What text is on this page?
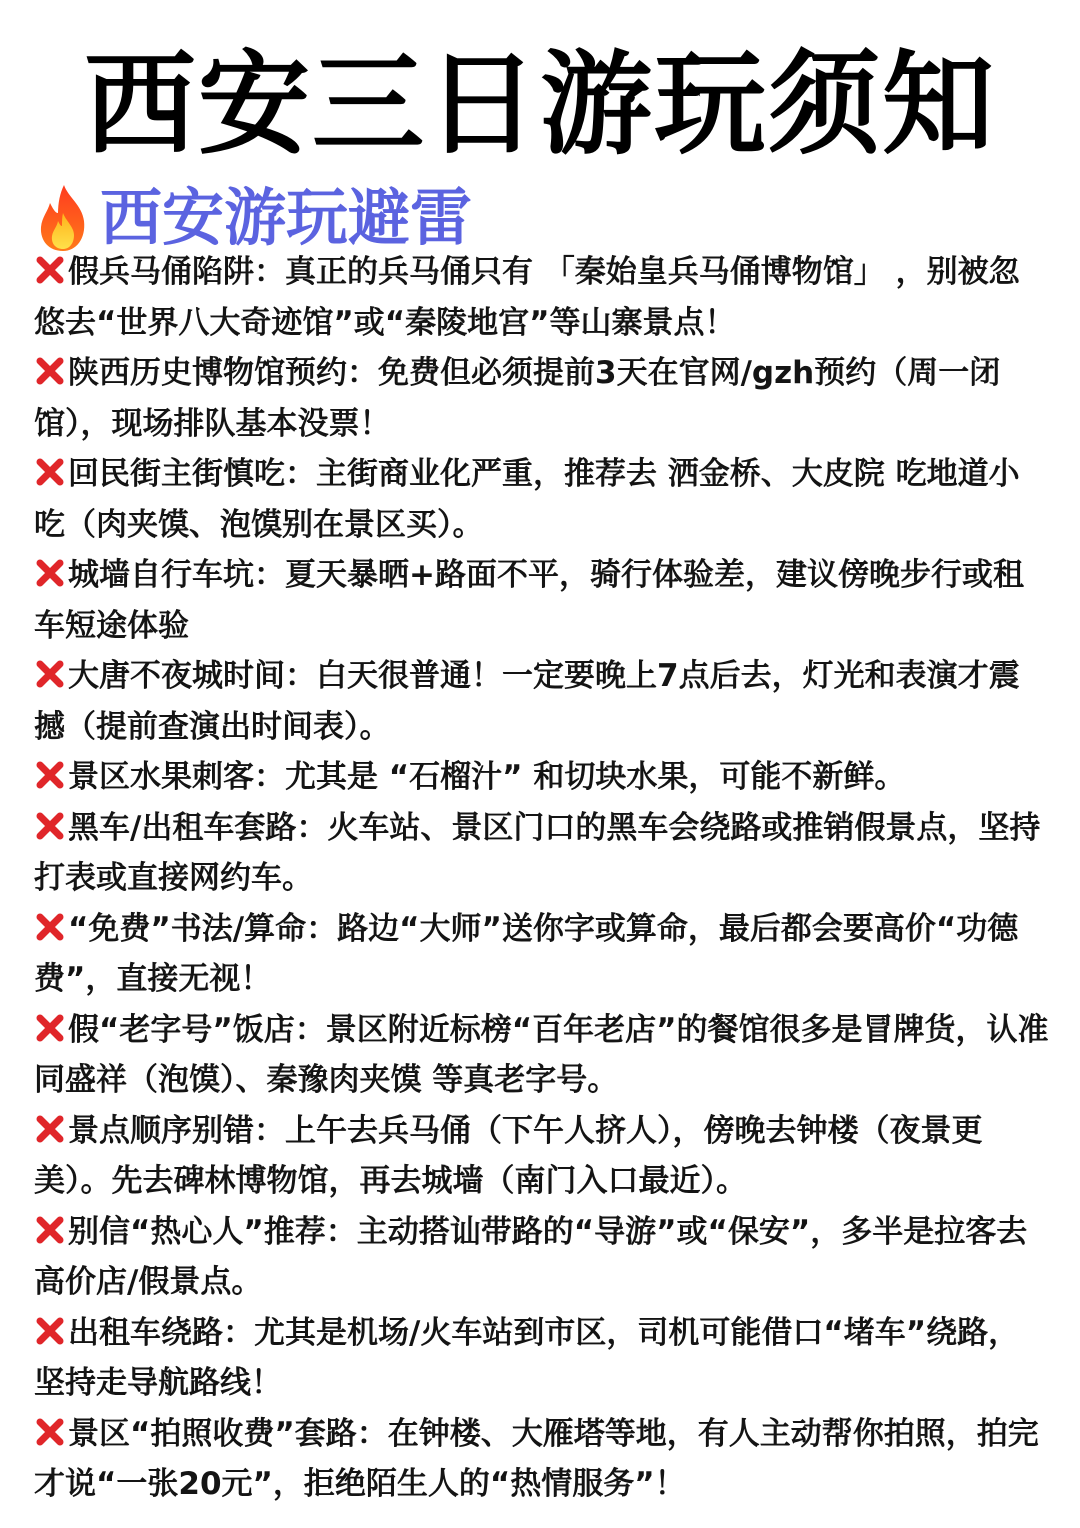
西安三日游玩须知
西安游玩避雷
假兵马俑陷阱：真正的兵马俑只有 「秦始皇兵马俑博物馆」 ，别被忽悠去“世界八大奇迹馆”或“秦陵地宫”等山寨景点！
陕西历史博物馆预约：免费但必须提前3天在官网/gzh预约（周一闭馆），现场排队基本没票！
回民街主街慎吃：主街商业化严重，推荐去 洒金桥、大皮院 吃地道小吃（肉夹馍、泡馍别在景区买）。
城墙自行车坑：夏天暴晒+路面不平，骑行体验差，建议傍晚步行或租车短途体验
大唐不夜城时间：白天很普通！一定要晚上7点后去，灯光和表演才震撼（提前查演出时间表）。
景区水果刺客：尤其是 “石榴汁” 和切块水果，可能不新鲜。
黑车/出租车套路：火车站、景区门口的黑车会绕路或推销假景点，坚持打表或直接网约车。
“免费”书法/算命：路边“大师”送你字或算命，最后都会要高价“功德费”，直接无视！
假“老字号”饭店：景区附近标榜“百年老店”的餐馆很多是冒牌货，认准 同盛祥（泡馍）、秦豫肉夹馍 等真老字号。
景点顺序别错：上午去兵马俑（下午人挤人），傍晚去钟楼（夜景更美）。先去碑林博物馆，再去城墙（南门入口最近）。
别信“热心人”推荐：主动搭讪带路的“导游”或“保安”，多半是拉客去高价店/假景点。
出租车绕路：尤其是机场/火车站到市区，司机可能借口“堵车”绕路，坚持走导航路线！
景区“拍照收费”套路：在钟楼、大雁塔等地，有人主动帮你拍照，拍完才说“一张20元”，拒绝陌生人的“热情服务”！
